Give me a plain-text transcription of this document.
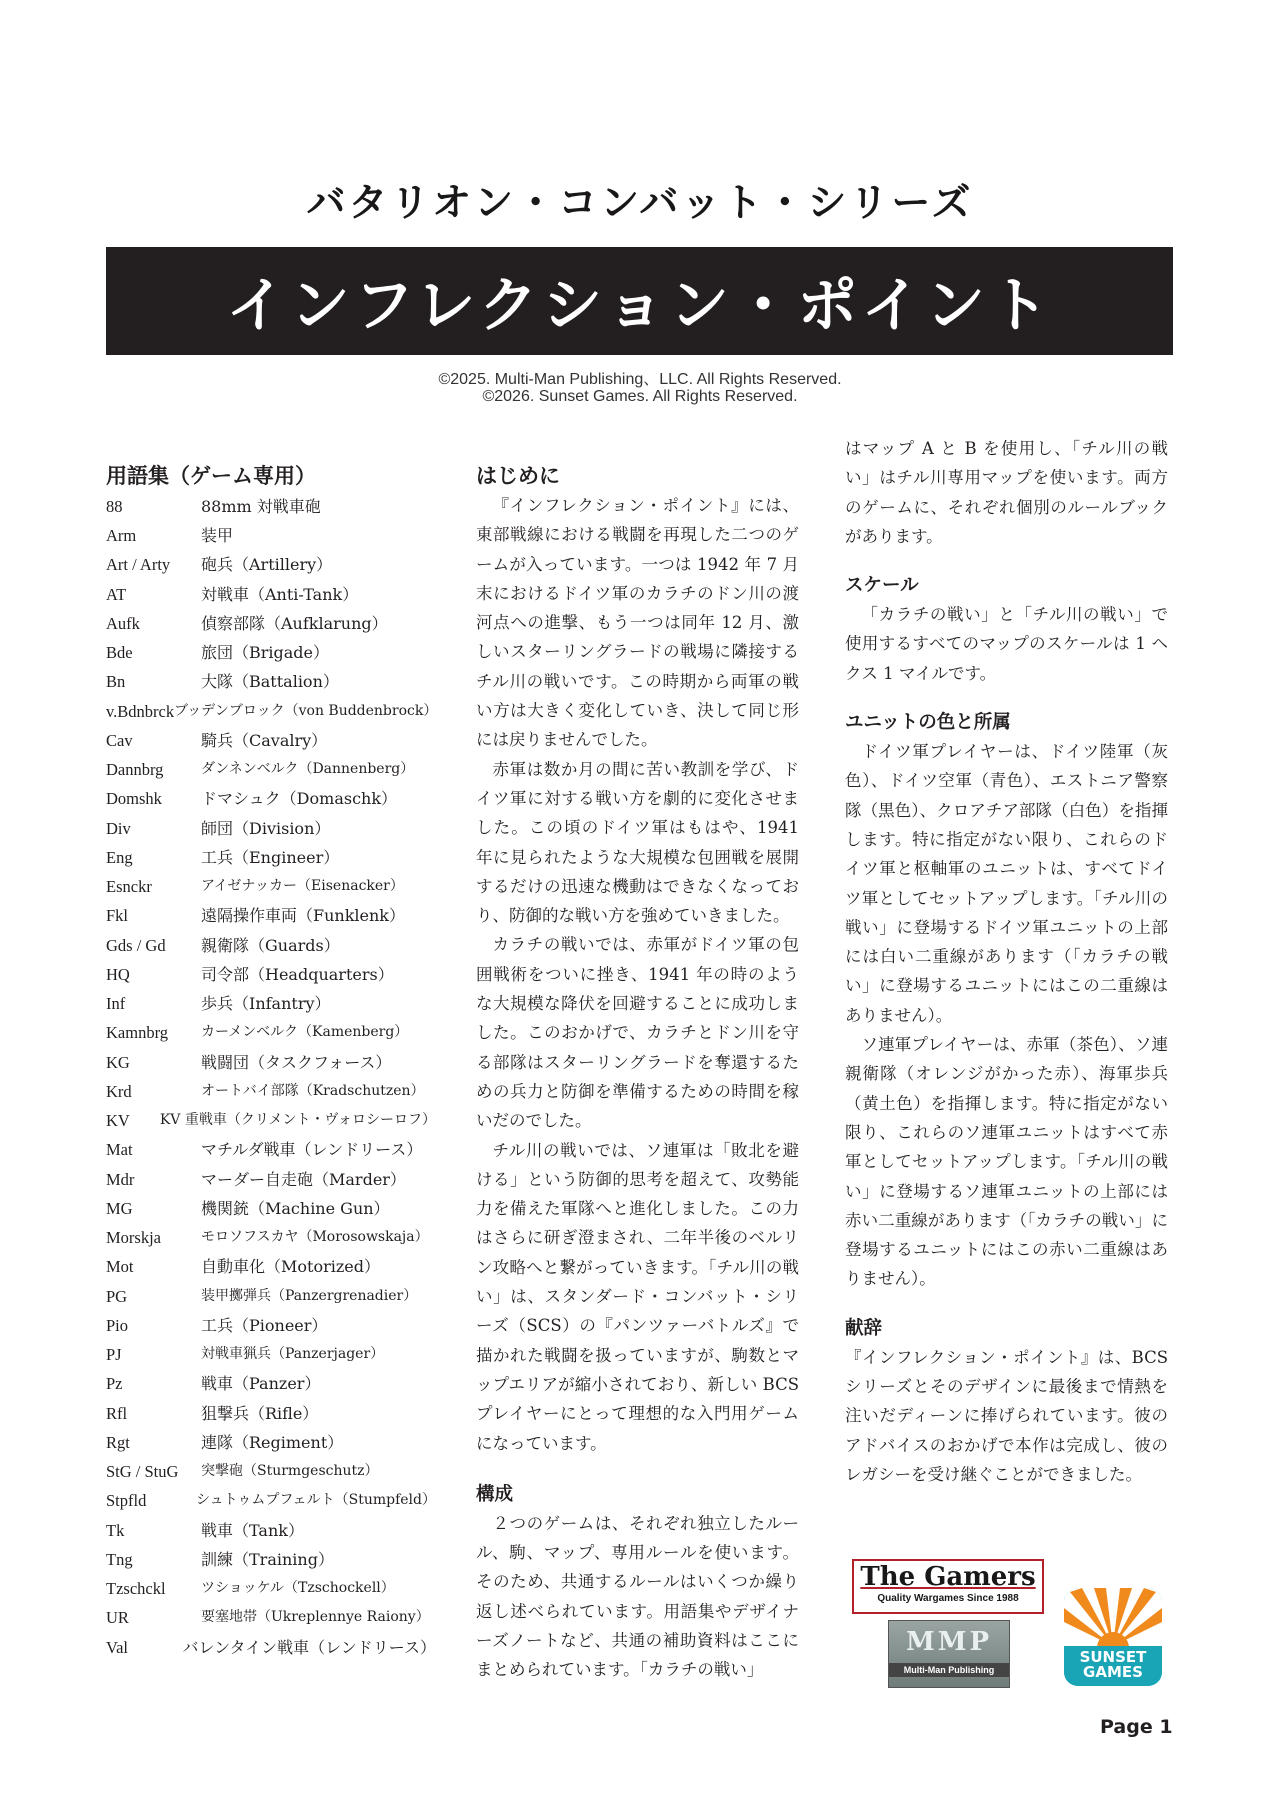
バタリオン・コンバット・シリーズ
インフレクション・ポイント
©2025. Multi-Man Publishing、LLC. All Rights Reserved.
©2026. Sunset Games. All Rights Reserved.
用語集（ゲーム専用）
88	88mm 対戦車砲
Arm	装甲
Art / Arty	砲兵（Artillery）
AT	対戦車（Anti-Tank）
Aufk	偵察部隊（Aufklarung）
Bde	旅団（Brigade）
Bn	大隊（Battalion）
v.Bdnbrck ブッデンブロック（von Buddenbrock）
Cav	騎兵（Cavalry）
Dannbrg	ダンネンベルク（Dannenberg）
Domshk	ドマシュク（Domaschk）
Div	師団（Division）
Eng	工兵（Engineer）
Esnckr	アイゼナッカー（Eisenacker）
Fkl	遠隔操作車両（Funklenk）
Gds / Gd	親衛隊（Guards）
HQ	司令部（Headquarters）
Inf	歩兵（Infantry）
Kamnbrg	カーメンベルク（Kamenberg）
KG	戦闘団（タスクフォース）
Krd	オートバイ部隊（Kradschutzen）
KV	KV 重戦車（クリメント・ヴォロシーロフ）
Mat	マチルダ戦車（レンドリース）
Mdr	マーダー自走砲（Marder）
MG	機関銃（Machine Gun）
Morskja	モロソフスカヤ（Morosowskaja）
Mot	自動車化（Motorized）
PG	装甲擲弾兵（Panzergrenadier）
Pio	工兵（Pioneer）
PJ	対戦車猟兵（Panzerjager）
Pz	戦車（Panzer）
Rfl	狙撃兵（Rifle）
Rgt	連隊（Regiment）
StG / StuG	突撃砲（Sturmgeschutz）
Stpfld	シュトゥムプフェルト（Stumpfeld）
Tk	戦車（Tank）
Tng	訓練（Training）
Tzschckl	ツショッケル（Tzschockell）
UR	要塞地帯（Ukreplennye Raiony）
Val	バレンタイン戦車（レンドリース）
はじめに

『インフレクション・ポイント』には、東部戦線における戦闘を再現した二つのゲームが入っています。一つは 1942 年 7 月末におけるドイツ軍のカラチのドン川の渡河点への進撃、もう一つは同年 12 月、激しいスターリングラードの戦場に隣接するチル川の戦いです。この時期から両軍の戦い方は大きく変化していき、決して同じ形には戻りませんでした。

赤軍は数か月の間に苦い教訓を学び、ドイツ軍に対する戦い方を劇的に変化させました。この頃のドイツ軍はもはや、1941 年に見られたような大規模な包囲戦を展開するだけの迅速な機動はできなくなっており、防御的な戦い方を強めていきました。

カラチの戦いでは、赤軍がドイツ軍の包囲戦術をついに挫き、1941 年の時のような大規模な降伏を回避することに成功しました。このおかげで、カラチとドン川を守る部隊はスターリングラードを奪還するための兵力と防御を準備するための時間を稼いだのでした。

チル川の戦いでは、ソ連軍は「敗北を避ける」という防御的思考を超えて、攻勢能力を備えた軍隊へと進化しました。この力はさらに研ぎ澄まされ、二年半後のベルリン攻略へと繋がっていきます。「チル川の戦い」は、スタンダード・コンバット・シリーズ（SCS）の『パンツァーバトルズ』で描かれた戦闘を扱っていますが、駒数とマップエリアが縮小されており、新しい BCS プレイヤーにとって理想的な入門用ゲームになっています。

構成

２つのゲームは、それぞれ独立したルール、駒、マップ、専用ルールを使います。そのため、共通するルールはいくつか繰り返し述べられています。用語集やデザイナーズノートなど、共通の補助資料はここにまとめられています。「カラチの戦い」

はマップ A と B を使用し、「チル川の戦い」はチル川専用マップを使います。両方のゲームに、それぞれ個別のルールブックがあります。

スケール

「カラチの戦い」と「チル川の戦い」で使用するすべてのマップのスケールは 1 ヘクス 1 マイルです。

ユニットの色と所属

ドイツ軍プレイヤーは、ドイツ陸軍（灰色）、ドイツ空軍（青色）、エストニア警察隊（黒色）、クロアチア部隊（白色）を指揮します。特に指定がない限り、これらのドイツ軍と枢軸軍のユニットは、すべてドイツ軍としてセットアップします。「チル川の戦い」に登場するドイツ軍ユニットの上部には白い二重線があります（「カラチの戦い」に登場するユニットにはこの二重線はありません）。

ソ連軍プレイヤーは、赤軍（茶色）、ソ連親衛隊（オレンジがかった赤）、海軍歩兵（黄土色）を指揮します。特に指定がない限り、これらのソ連軍ユニットはすべて赤軍としてセットアップします。「チル川の戦い」に登場するソ連軍ユニットの上部には赤い二重線があります（「カラチの戦い」に登場するユニットにはこの赤い二重線はありません）。

献辞

『インフレクション・ポイント』は、BCS シリーズとそのデザインに最後まで情熱を注いだディーンに捧げられています。彼のアドバイスのおかげで本作は完成し、彼のレガシーを受け継ぐことができました。

The Gamers
Quality Wargames Since 1988
MMP
Multi-Man Publishing
SUNSET
GAMES
Page 1
